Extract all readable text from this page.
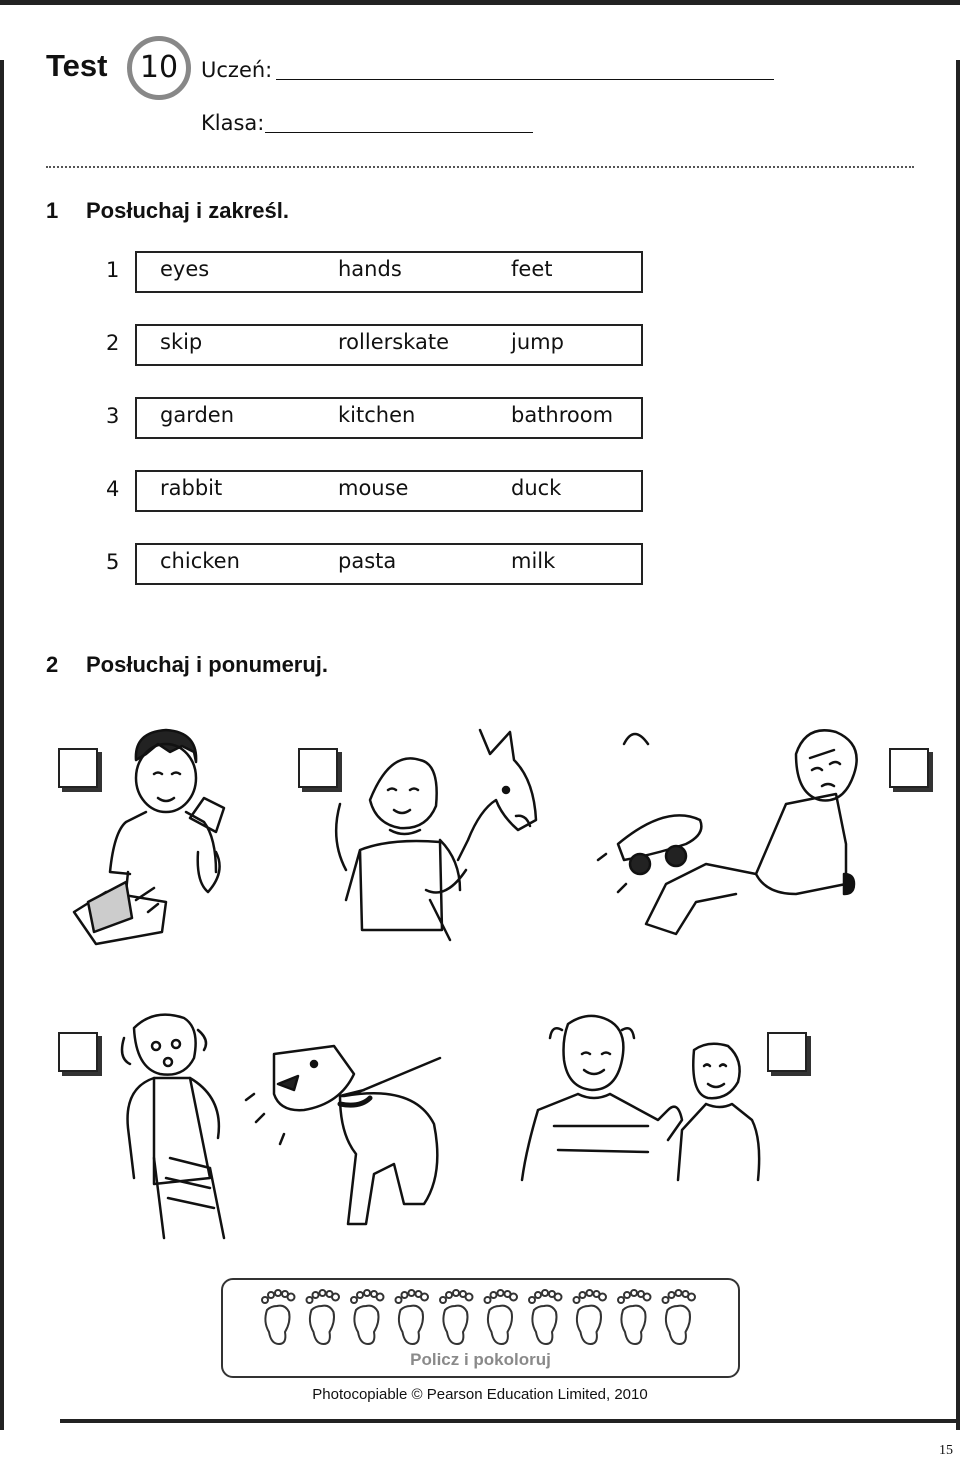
Test	10	Uczeń:
Klasa:
1 Posłuchaj i zakreśl.
1 eyes	hands	feet
2 skip	rollerskate	jump
3 garden	kitchen	bathroom
4 rabbit	mouse	duck
5 chicken	pasta	milk
2 Posłuchaj i ponumeruj.
Policz i pokoloruj
Photocopiable © Pearson Education Limited, 2010
15
